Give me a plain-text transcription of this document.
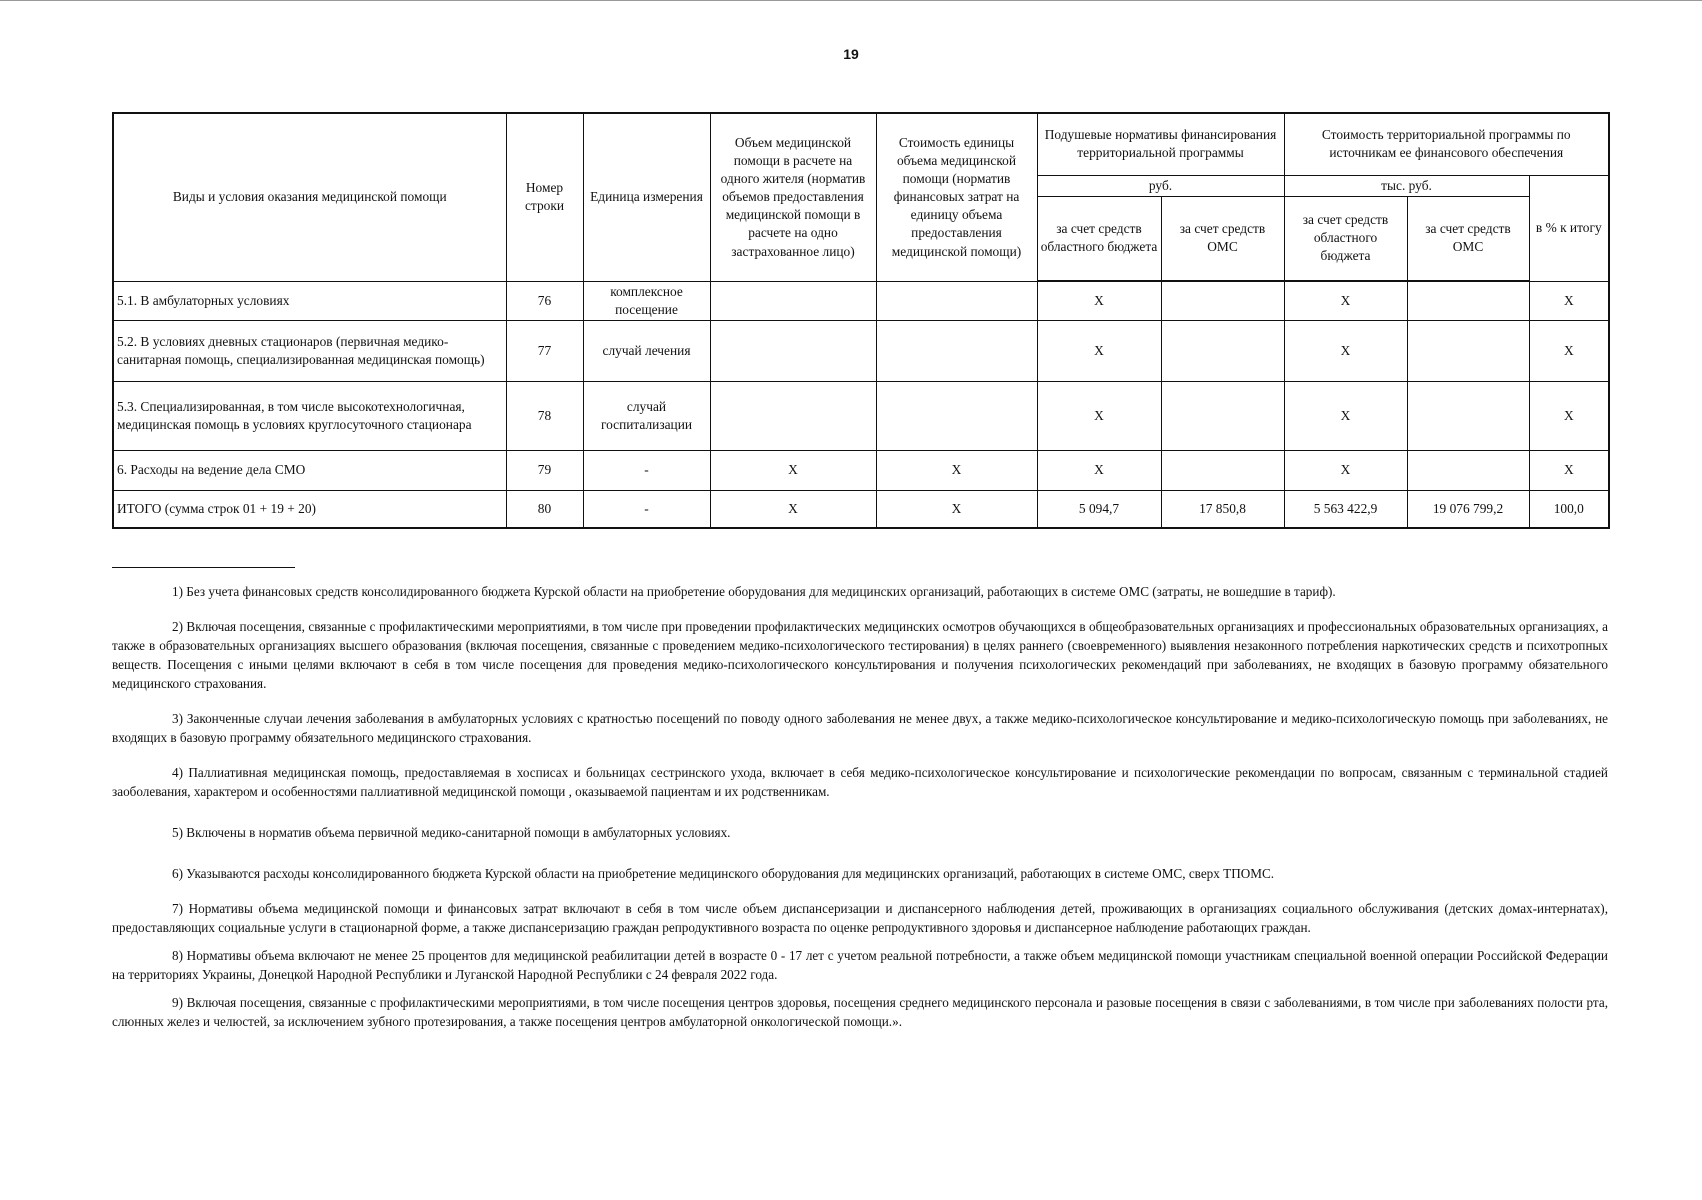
19
Виды и условия оказания медицинской помощи	Номер строки	Единица измерения	Объем медицинской помощи в расчете на одного жителя (норматив объемов предоставления медицинской помощи в расчете на одно застрахованное лицо)	Стоимость единицы объема медицинской помощи (норматив финансовых затрат на единицу объема предоставления медицинской помощи)	Подушевые нормативы финансирования территориальной программы		Стоимость территориальной программы по источникам ее финансового обеспечения		
					руб.		тыс. руб.		в % к итогу
					за счет средств областного бюджета	за счет средств ОМС	за счет средств областного бюджета	за счет средств ОМС	
5.1. В амбулаторных условиях	76	комплексное посещение			X		X		X
5.2. В условиях дневных стационаров (первичная медико-санитарная помощь, специализированная медицинская помощь)	77	случай лечения			X		X		X
5.3. Специализированная, в том числе высокотехнологичная, медицинская помощь в условиях круглосуточного стационара	78	случай госпитализации			X		X		X
6. Расходы на ведение дела СМО	79	-	X	X	X		X		X
ИТОГО (сумма строк 01 + 19 + 20)	80	-	X	X	5 094,7	17 850,8	5 563 422,9	19 076 799,2	100,0

1) Без учета финансовых средств консолидированного бюджета Курской области на приобретение оборудования для медицинских организаций, работающих в системе ОМС (затраты, не вошедшие в тариф).

2) Включая посещения, связанные с профилактическими мероприятиями, в том числе при проведении профилактических медицинских осмотров обучающихся в общеобразовательных организациях и профессиональных образовательных организациях, а также в образовательных организациях высшего образования (включая посещения, связанные с проведением медико-психологического тестирования) в целях раннего (своевременного) выявления незаконного потребления наркотических средств и психотропных веществ. Посещения с иными целями включают в себя в том числе посещения для проведения медико-психологического консультирования и получения психологических рекомендаций при заболеваниях, не входящих в базовую программу обязательного медицинского страхования.

3) Законченные случаи лечения заболевания в амбулаторных условиях с кратностью посещений по поводу одного заболевания не менее двух, а также медико-психологическое консультирование и медико-психологическую помощь при заболеваниях, не входящих в базовую программу обязательного медицинского страхования.

4) Паллиативная медицинская помощь, предоставляемая в хосписах и больницах сестринского ухода, включает в себя медико-психологическое консультирование и психологические рекомендации по вопросам, связанным с терминальной стадией заоболевания, характером и особенностями паллиативной медицинской помощи , оказываемой пациентам и их родственникам.

5) Включены в норматив объема первичной медико-санитарной помощи в амбулаторных условиях.

6) Указываются расходы консолидированного бюджета Курской области на приобретение медицинского оборудования для медицинских организаций, работающих в системе ОМС, сверх ТПОМС.

7) Нормативы объема медицинской помощи и финансовых затрат включают в себя в том числе объем диспансеризации и диспансерного наблюдения детей, проживающих в организациях социального обслуживания (детских домах-интернатах), предоставляющих социальные услуги в стационарной форме, а также диспансеризацию граждан репродуктивного возраста по оценке репродуктивного здоровья и диспансерное наблюдение работающих граждан.

8) Нормативы объема включают не менее 25 процентов для медицинской реабилитации детей в возрасте 0 - 17 лет с учетом реальной потребности, а также объем медицинской помощи участникам специальной военной операции Российской Федерации на территориях Украины, Донецкой Народной Республики и Луганской Народной Республики с 24 февраля 2022 года.

9) Включая посещения, связанные с профилактическими мероприятиями, в том числе посещения центров здоровья, посещения среднего медицинского персонала и разовые посещения в связи с заболеваниями, в том числе при заболеваниях полости рта, слюнных желез и челюстей, за исключением зубного протезирования, а также посещения центров амбулаторной онкологической помощи.».
